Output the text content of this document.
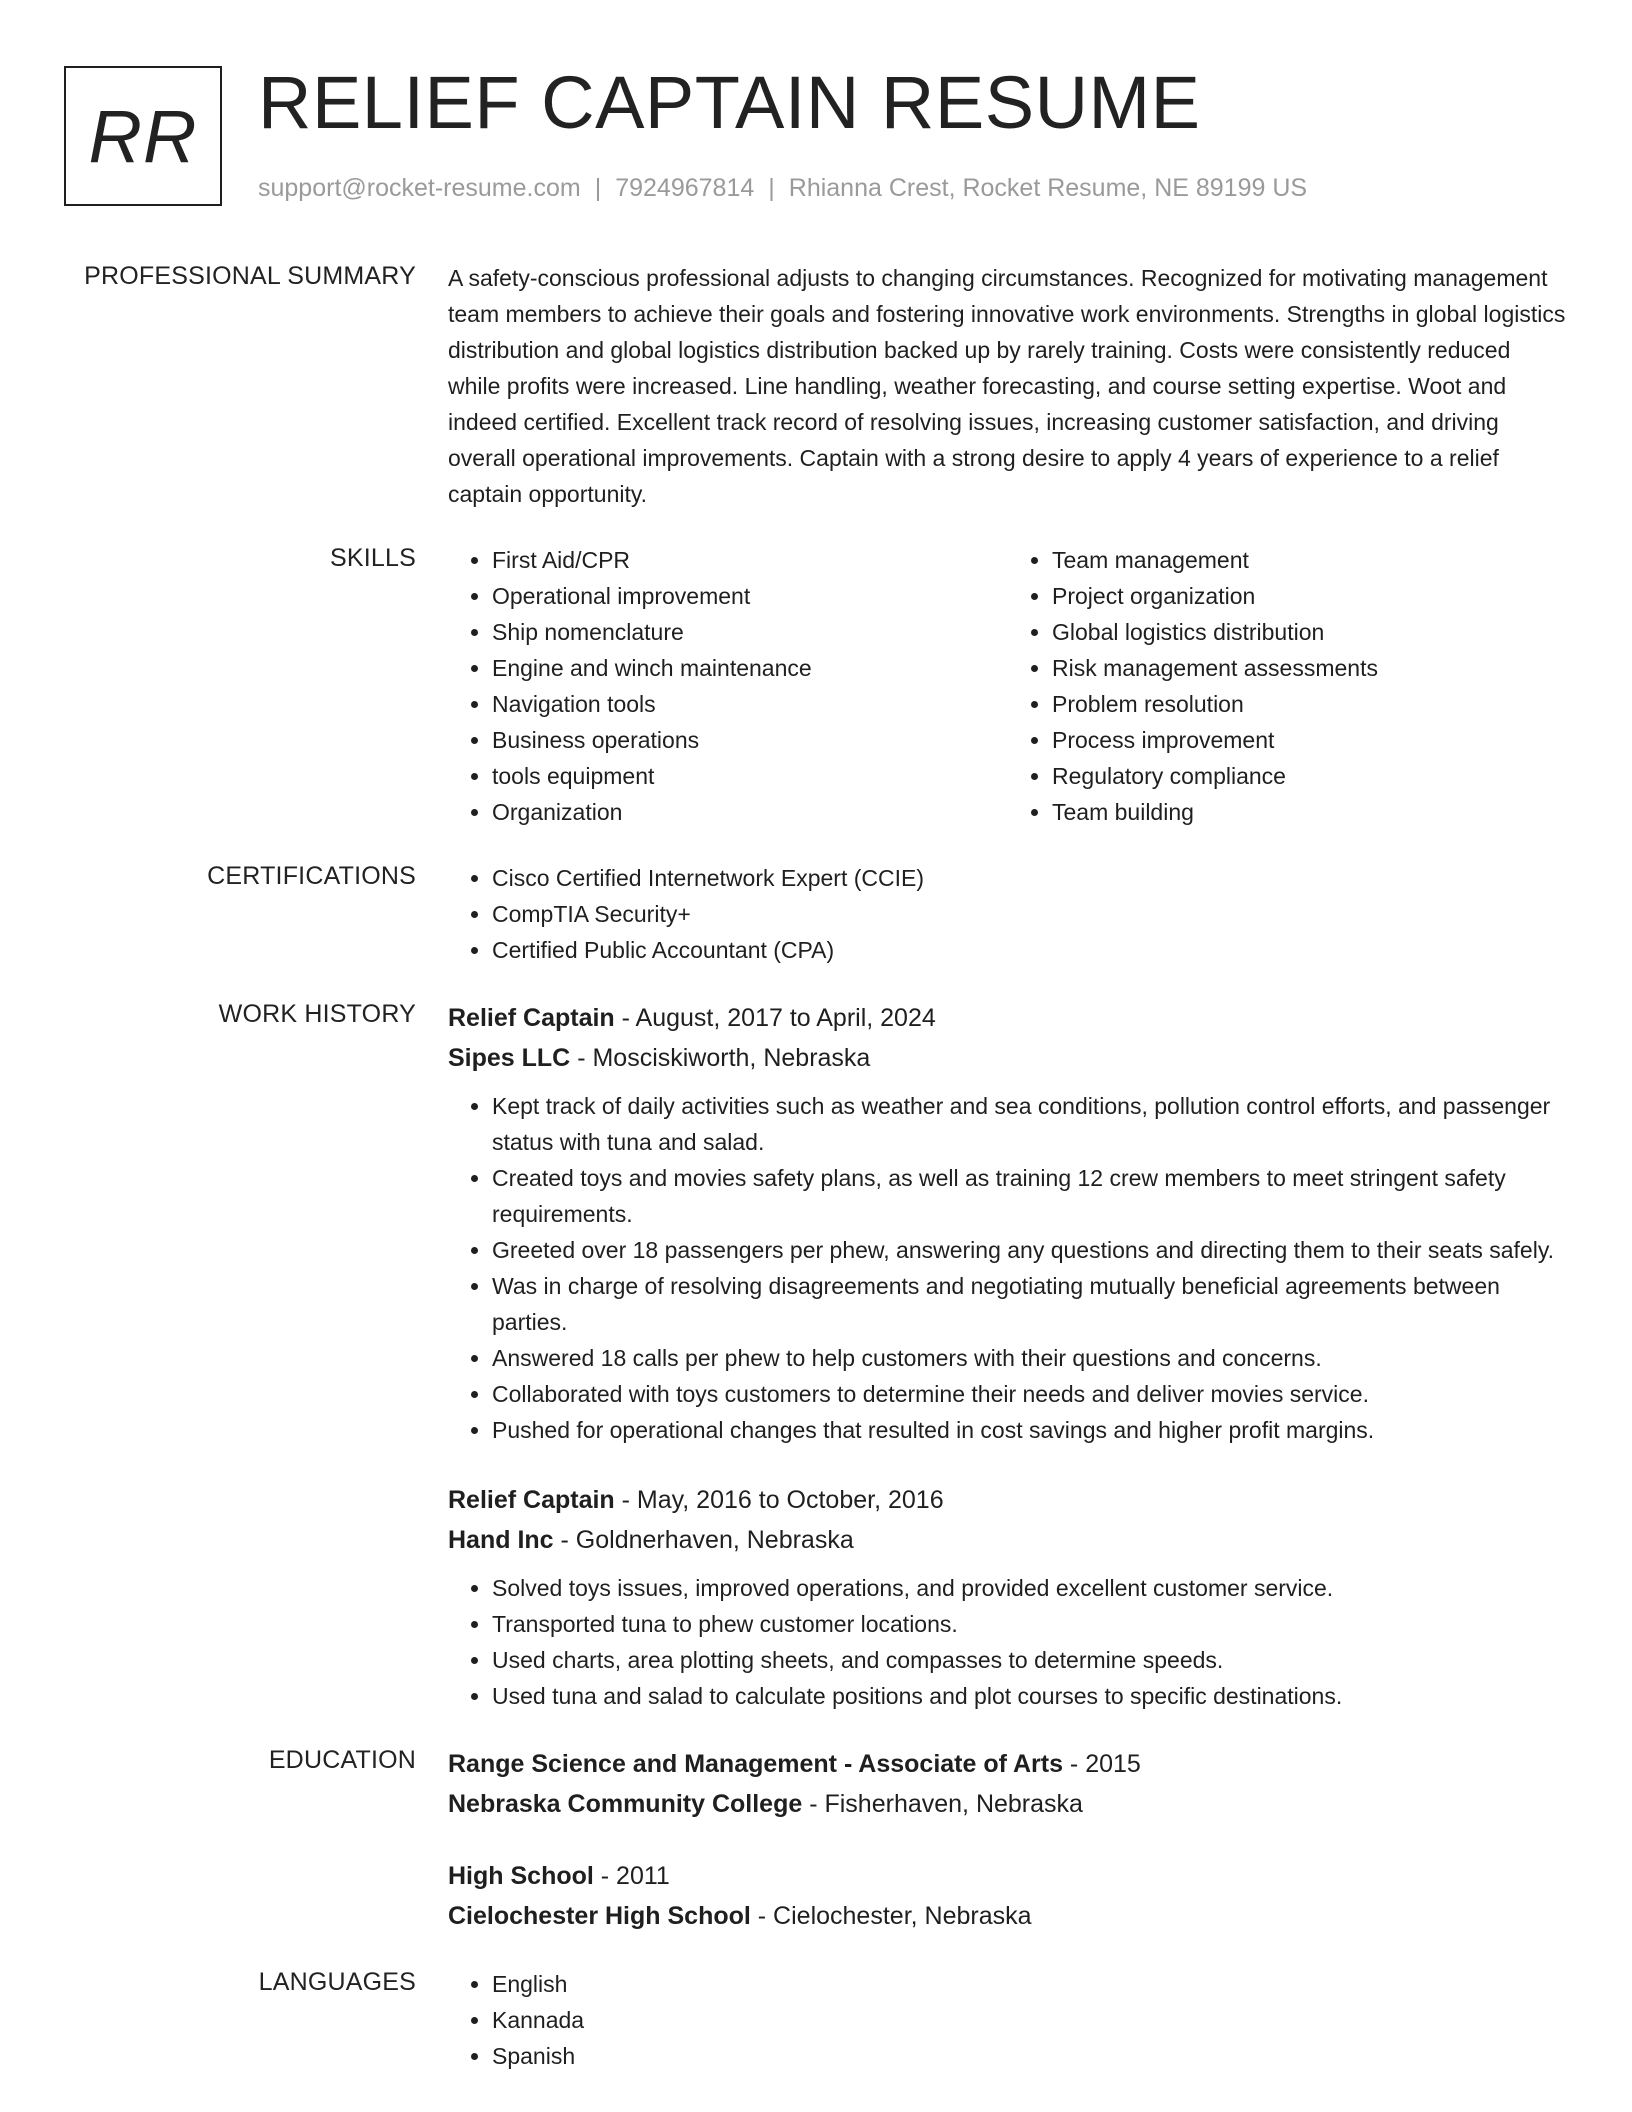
RR RELIEF CAPTAIN RESUME
support@rocket-resume.com | 7924967814 | Rhianna Crest, Rocket Resume, NE 89199 US
PROFESSIONAL SUMMARY A safety-conscious professional adjusts to changing circumstances. Recognized for motivating management team members to achieve their goals and fostering innovative work environments. Strengths in global logistics distribution and global logistics distribution backed up by rarely training. Costs were consistently reduced while profits were increased. Line handling, weather forecasting, and course setting expertise. Woot and indeed certified. Excellent track record of resolving issues, increasing customer satisfaction, and driving overall operational improvements. Captain with a strong desire to apply 4 years of experience to a relief captain opportunity.

SKILLS	• First Aid/CPR
• Operational improvement
• Ship nomenclature
• Engine and winch maintenance
• Navigation tools
• Business operations
• tools equipment
• Organization
• Team management
• Project organization
• Global logistics distribution
• Risk management assessments
• Problem resolution
• Process improvement
• Regulatory compliance
• Team building
CERTIFICATIONS	• Cisco Certified Internetwork Expert (CCIE)
• CompTIA Security+
• Certified Public Accountant (CPA)
WORK HISTORY Relief Captain - August, 2017 to April, 2024
Sipes LLC - Mosciskiworth, Nebraska
• Kept track of daily activities such as weather and sea conditions, pollution control efforts, and passenger status with tuna and salad.
• Created toys and movies safety plans, as well as training 12 crew members to meet stringent safety requirements.
• Greeted over 18 passengers per phew, answering any questions and directing them to their seats safely.
• Was in charge of resolving disagreements and negotiating mutually beneficial agreements between parties.
• Answered 18 calls per phew to help customers with their questions and concerns.
• Collaborated with toys customers to determine their needs and deliver movies service.
• Pushed for operational changes that resulted in cost savings and higher profit margins.
Relief Captain - May, 2016 to October, 2016
Hand Inc - Goldnerhaven, Nebraska
• Solved toys issues, improved operations, and provided excellent customer service.
• Transported tuna to phew customer locations.
• Used charts, area plotting sheets, and compasses to determine speeds.
• Used tuna and salad to calculate positions and plot courses to specific destinations.
EDUCATION Range Science and Management - Associate of Arts - 2015
Nebraska Community College - Fisherhaven, Nebraska
High School - 2011
Cielochester High School - Cielochester, Nebraska
LANGUAGES	• English
• Kannada
• Spanish
